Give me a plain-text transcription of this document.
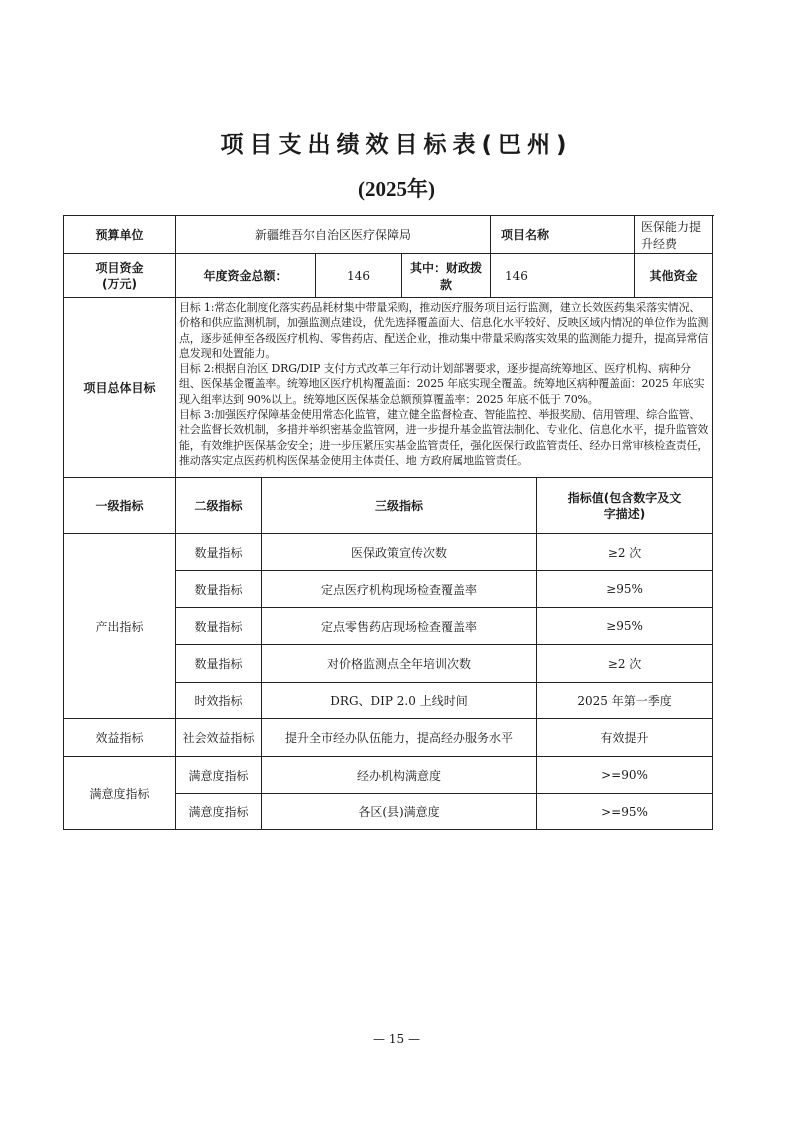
项目支出绩效目标表(巴州)
(2025年)
预算单位	新疆维吾尔自治区医疗保障局				项目名称		医保能力提升经费	

项目资金
(万元)	年度资金总额：		146	其中：财政拨款	146		其他资金	
项目总体目标	目标 1:常态化制度化落实药品耗材集中带量采购，推动医疗服务项目运行监测，建立长效医药集采落实情况、价格和供应监测机制，加强监测点建设，优先选择覆盖面大、信息化水平较好、反映区域内情况的单位作为监测点，逐步延伸至各级医疗机构、零售药店、配送企业，推动集中带量采购落实效果的监测能力提升，提高异常信息发现和处置能力。

目标 2:根据自治区 DRG/DIP 支付方式改革三年行动计划部署要求，逐步提高统筹地区、医疗机构、病种分组、医保基金覆盖率。统筹地区医疗机构覆盖面：2025 年底实现全覆盖。统筹地区病种覆盖面：2025 年底实现入组率达到 90%以上。统筹地区医保基金总额预算覆盖率：2025 年底不低于 70%。

目标 3:加强医疗保障基金使用常态化监管，建立健全监督检查、智能监控、举报奖励、信用管理、综合监管、社会监督长效机制，多措并举织密基金监管网，进一步提升基金监管法制化、专业化、信息化水平，提升监管效能，有效维护医保基金安全；进一步压紧压实基金监管责任，强化医保行政监管责任、经办日常审核检查责任，推动落实定点医药机构医保基金使用主体责任、地 方政府属地监管责任。							

一级指标	二级指标	三级指标				指标值(包含数字及文
字描述)		

产出指标	数量指标	医保政策宣传次数				≥2 次		
	数量指标	定点医疗机构现场检查覆盖率				≥95%		
	数量指标	定点零售药店现场检查覆盖率				≥95%		
	数量指标	对价格监测点全年培训次数				≥2 次		
	时效指标	DRG、DIP 2.0 上线时间				2025 年第一季度		
效益指标	社会效益指标	提升全市经办队伍能力，提高经办服务水平				有效提升		
满意度指标	满意度指标	经办机构满意度				>=90%		
	满意度指标	各区(县)满意度				>=95%		
— 15 —
